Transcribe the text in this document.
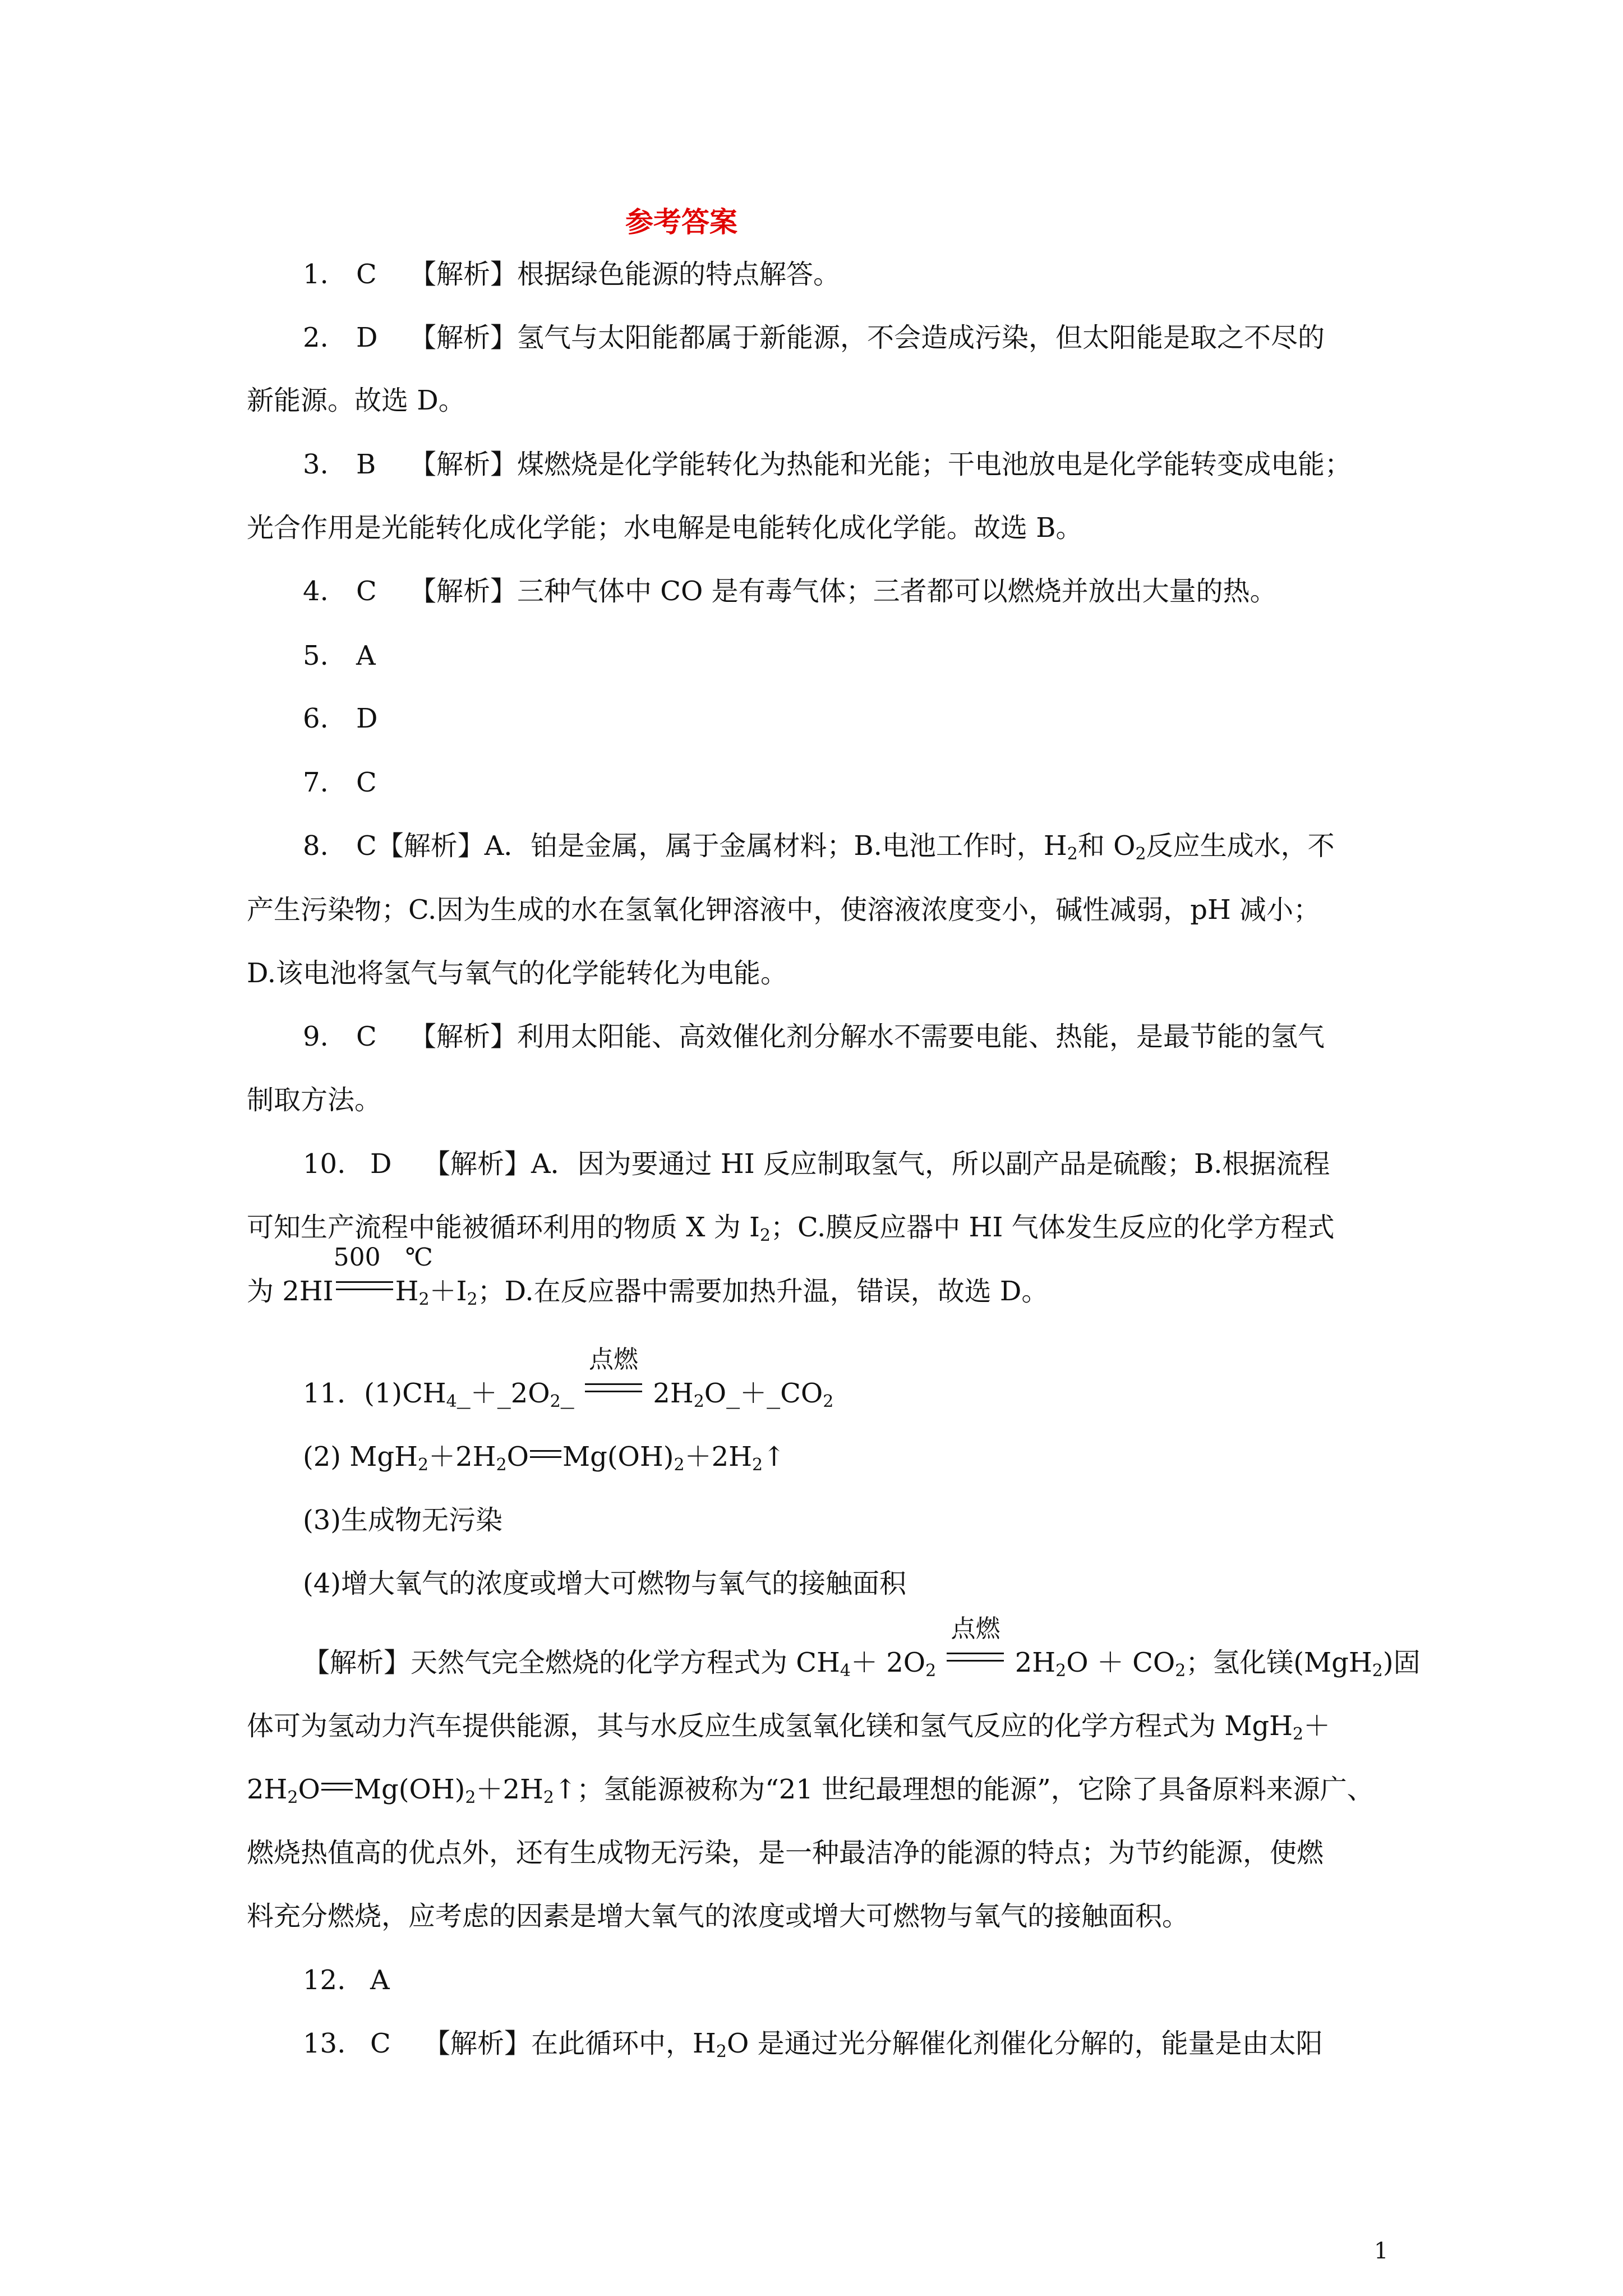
参考答案
1. C 【解析】根据绿色能源的特点解答。
2. D 【解析】氢气与太阳能都属于新能源，不会造成污染，但太阳能是取之不尽的
新能源。故选 D。
3. B 【解析】煤燃烧是化学能转化为热能和光能；干电池放电是化学能转变成电能；
光合作用是光能转化成化学能；水电解是电能转化成化学能。故选 B。
4. C 【解析】三种气体中 CO 是有毒气体；三者都可以燃烧并放出大量的热。
5. A
6. D
7. C
8. C【解析】A．铂是金属，属于金属材料；B.电池工作时，$H_2$和 $O_2$反应生成水，不
产生污染物；C.因为生成的水在氢氧化钾溶液中，使溶液浓度变小，碱性减弱，pH 减小；
D.该电池将氢气与氧气的化学能转化为电能。
9. C 【解析】利用太阳能、高效催化剂分解水不需要电能、热能，是最节能的氢气
制取方法。
10. D 【解析】A．因为要通过 HI 反应制取氢气，所以副产品是硫酸；B.根据流程
可知生产流程中能被循环利用的物质 X 为 $I_2$；C.膜反应器中 HI 气体发生反应的化学方程式
为 2HI
500　℃
$H_2+I_2$；D.在反应器中需要加热升温，错误，故选 D。
11．$(1)CH_4\_+\_2O_2\_$
点燃
$2H_2O\_+\_CO_2$
(2) $MgH_2+2H_2O$ $Mg(OH)_2+2H_2↑$
(3)生成物无污染
(4)增大氧气的浓度或增大可燃物与氧气的接触面积
【解析】天然气完全燃烧的化学方程式为 $CH_4+ 2O_2$
点燃
$2H_2O + CO_2$；氢化镁(MgH$_2$)固
体可为氢动力汽车提供能源，其与水反应生成氢氧化镁和氢气反应的化学方程式为 MgH$_2$＋
$2H_2O$ $Mg(OH)_2+2H_2↑$；氢能源被称为“21 世纪最理想的能源”，它除了具备原料来源广、
燃烧热值高的优点外，还有生成物无污染，是一种最洁净的能源的特点；为节约能源，使燃
料充分燃烧，应考虑的因素是增大氧气的浓度或增大可燃物与氧气的接触面积。
12. A
13. C 【解析】在此循环中，$H_2O$ 是通过光分解催化剂催化分解的，能量是由太阳
1
